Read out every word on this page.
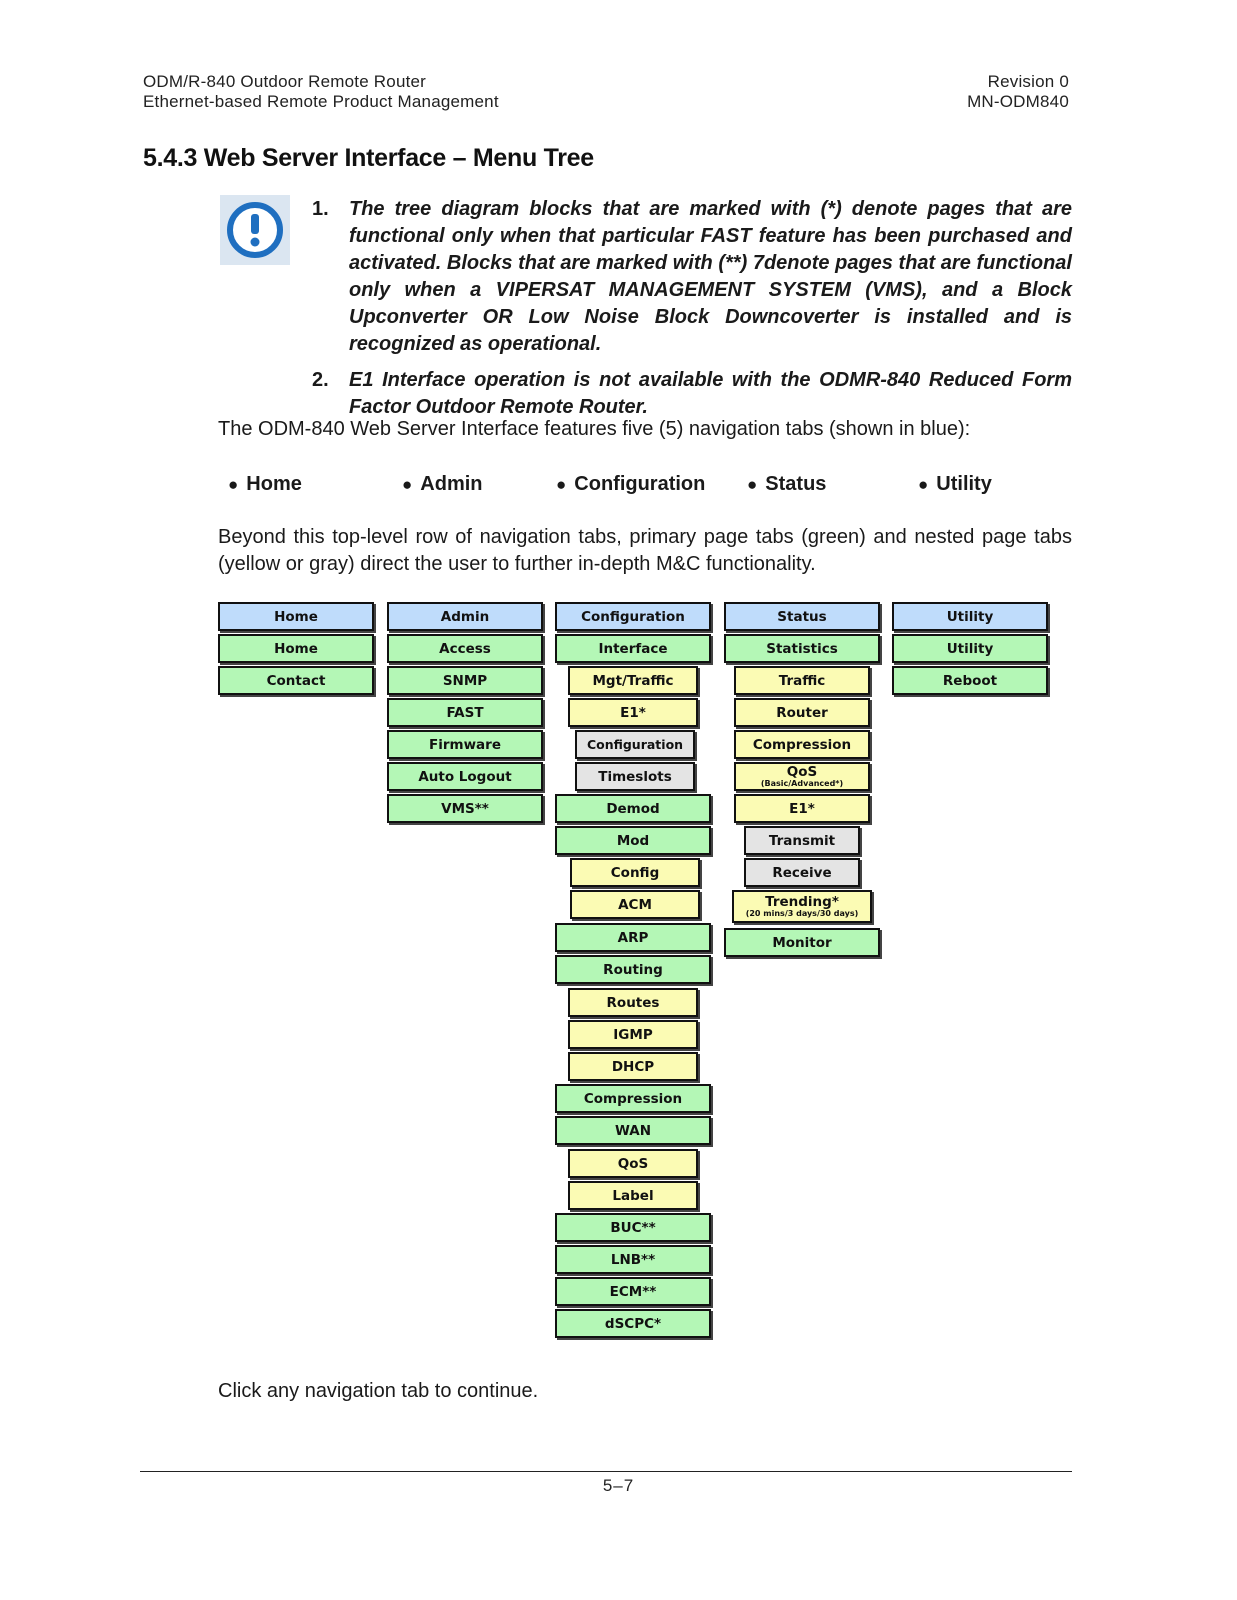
ODM/R-840 Outdoor Remote Router
Ethernet-based Remote Product Management
Revision 0
MN-ODM840
5.4.3 Web Server Interface – Menu Tree
1. The tree diagram blocks that are marked with (*) denote pages that are functional only when that particular FAST feature has been purchased and activated. Blocks that are marked with (**) 7denote pages that are functional only when a VIPERSAT MANAGEMENT SYSTEM (VMS), and a Block Upconverter OR Low Noise Block Downcoverter is installed and is recognized as operational.

2. E1 Interface operation is not available with the ODMR-840 Reduced Form Factor Outdoor Remote Router.

The ODM-840 Web Server Interface features five (5) navigation tabs (shown in blue):

● Home	● Admin	● Configuration ● Status	● Utility

Beyond this top-level row of navigation tabs, primary page tabs (green) and nested page tabs (yellow or gray) direct the user to further in-depth M&C functionality.

Home
Home
Contact
Admin
Access
SNMP
FAST
Firmware
Auto Logout
VMS**
Configuration
Interface
Mgt/Traffic
E1*
Configuration
Timeslots
Demod
Mod
Config
ACM
ARP
Routing
Routes
IGMP
DHCP
Compression
WAN
QoS
Label
BUC**
LNB**
ECM**
dSCPC*
Status
Statistics
Traffic
Router
Compression
QoS
(Basic/Advanced*)
E1*
Transmit
Receive
Trending*
(20 mins/3 days/30 days)
Monitor
Utility
Utility
Reboot

Click any navigation tab to continue.

5–7
